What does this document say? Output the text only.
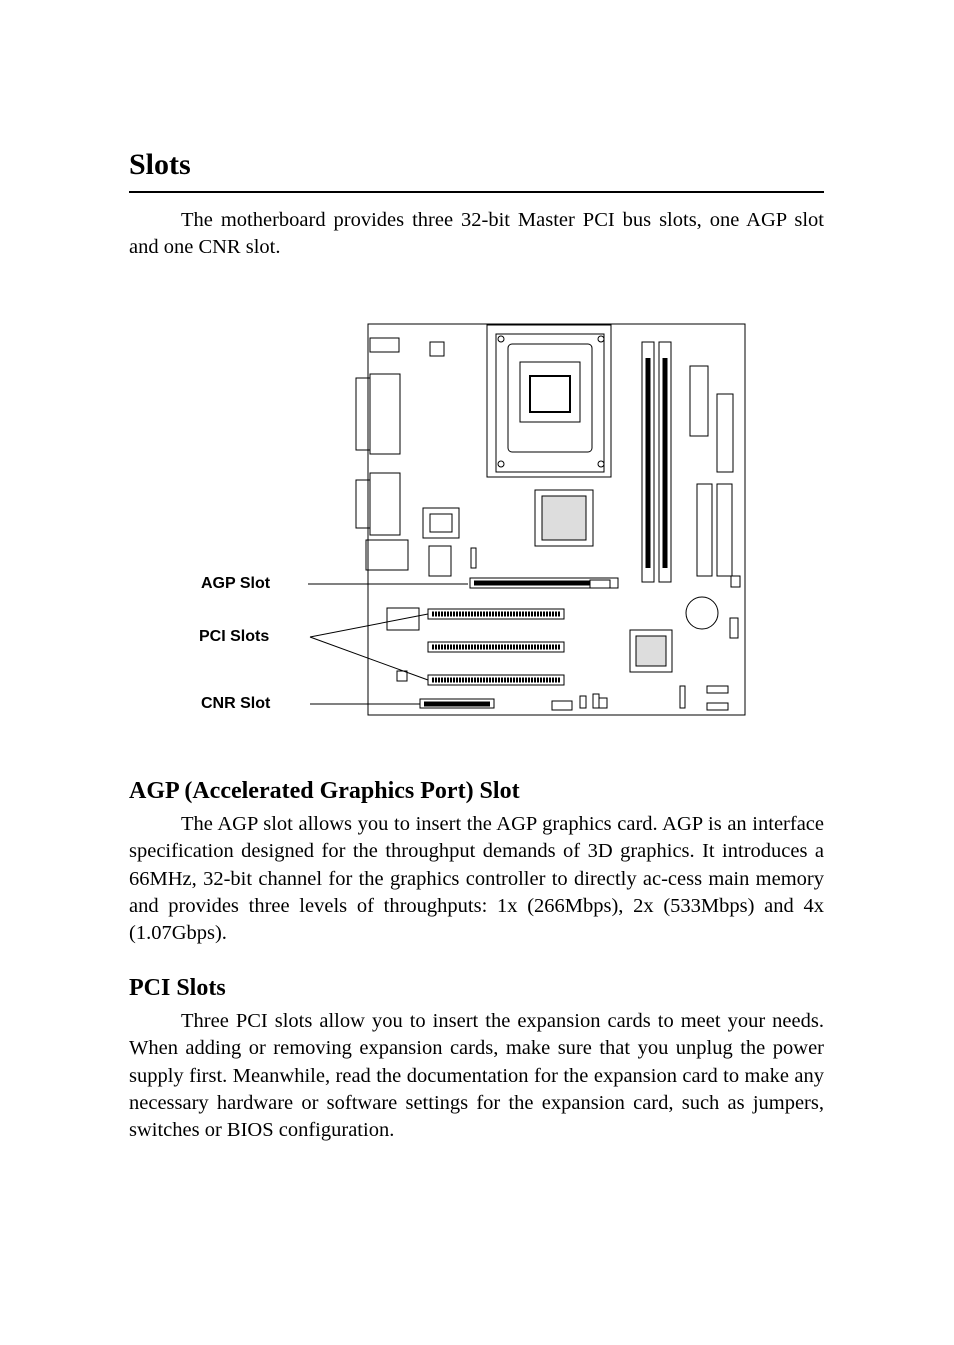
Slots

The motherboard provides three 32-bit Master PCI bus slots, one AGP slot and one CNR slot.

AGP Slot
PCI Slots
CNR Slot
AGP (Accelerated Graphics Port) Slot

The AGP slot allows you to insert the AGP graphics card. AGP is an interface specification designed for the throughput demands of 3D graphics. It introduces a 66MHz, 32-bit channel for the graphics controller to directly ac-cess main memory and provides three levels of throughputs: 1x (266Mbps), 2x (533Mbps) and 4x (1.07Gbps).

PCI Slots

Three PCI slots allow you to insert the expansion cards to meet your needs. When adding or removing expansion cards, make sure that you unplug the power supply first. Meanwhile, read the documentation for the expansion card to make any necessary hardware or software settings for the expansion card, such as jumpers, switches or BIOS configuration.
